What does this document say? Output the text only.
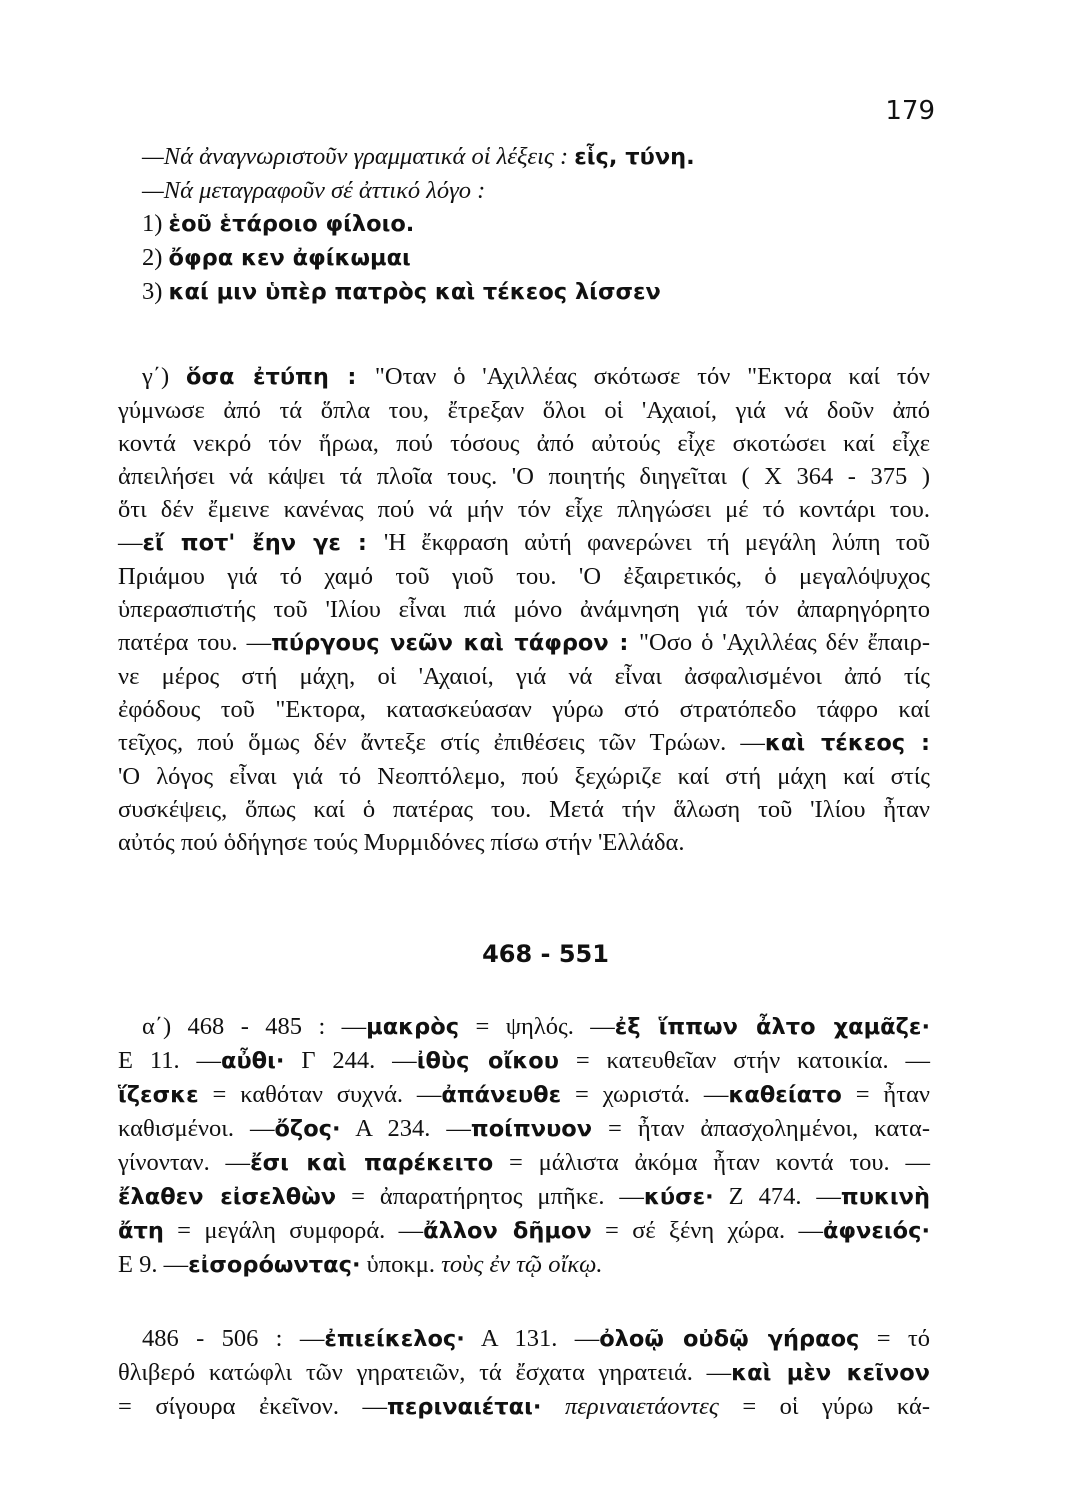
179

—Νά ἀναγνωριστοῦν γραμματικά οἱ λέξεις : εἷς, τύνη.

—Νά μεταγραφοῦν σέ ἀττικό λόγο :

1) ἑοῦ ἑτάροιο φίλοιο.

2) ὄφρα κεν ἀφίκωμαι

3) καί μιν ὑπὲρ πατρὸς καὶ τέκεος λίσσεν

γ΄) ὅσα ἐτύπη : "Οταν ὁ 'Αχιλλέας σκότωσε τόν "Εκτορα καί τόν
γύμνωσε ἀπό τά ὅπλα του, ἔτρεξαν ὅλοι οἱ 'Αχαιοί, γιά νά δοῦν ἀπό
κοντά νεκρό τόν ἥρωα, πού τόσους ἀπό αὐτούς εἶχε σκοτώσει καί εἶχε
ἀπειλήσει νά κάψει τά πλοῖα τους. 'Ο ποιητής διηγεῖται ( Χ 364 - 375 )
ὅτι δέν ἔμεινε κανένας πού νά μήν τόν εἶχε πληγώσει μέ τό κοντάρι του.
—εἴ ποτ' ἔην γε : 'Η ἔκφραση αὐτή φανερώνει τή μεγάλη λύπη τοῦ
Πριάμου γιά τό χαμό τοῦ γιοῦ του. 'Ο ἐξαιρετικός, ὁ μεγαλόψυχος
ὑπερασπιστής τοῦ 'Ιλίου εἶναι πιά μόνο ἀνάμνηση γιά τόν ἀπαρηγόρητο
πατέρα του. —πύργους νεῶν καὶ τάφρον : "Οσο ὁ 'Αχιλλέας δέν ἔπαιρ-
νε μέρος στή μάχη, οἱ 'Αχαιοί, γιά νά εἶναι ἀσφαλισμένοι ἀπό τίς
ἐφόδους τοῦ "Εκτορα, κατασκεύασαν γύρω στό στρατόπεδο τάφρο καί
τεῖχος, πού ὅμως δέν ἄντεξε στίς ἐπιθέσεις τῶν Τρώων. —καὶ τέκεος :
'Ο λόγος εἶναι γιά τό Νεοπτόλεμο, πού ξεχώριζε καί στή μάχη καί στίς
συσκέψεις, ὅπως καί ὁ πατέρας του. Μετά τήν ἅλωση τοῦ 'Ιλίου ἦταν
αὐτός πού ὁδήγησε τούς Μυρμιδόνες πίσω στήν 'Ελλάδα.
468 - 551
α΄) 468 - 485 : —μακρὸς = ψηλός. —ἐξ ἵππων ἆλτο χαμᾶζε·
Ε 11. —αὖθι· Γ 244. —ἰθὺς οἴκου = κατευθεῖαν στήν κατοικία. —
ἵζεσκε = καθόταν συχνά. —ἀπάνευθε = χωριστά. —καθείατο = ἦταν
καθισμένοι. —ὄζος· Α 234. —ποίπνυον = ἦταν ἀπασχολημένοι, κατα-
γίνονταν. —ἔσι καὶ παρέκειτο = μάλιστα ἀκόμα ἦταν κοντά του. —
ἔλαθεν εἰσελθὼν = ἀπαρατήρητος μπῆκε. —κύσε· Ζ 474. —πυκινὴ
ἄτη = μεγάλη συμφορά. —ἄλλον δῆμον = σέ ξένη χώρα. —ἀφνειός·
Ε 9. —εἰσορόωντας· ὑποκμ. τοὺς ἐν τῷ οἴκῳ.
486 - 506 : —ἐπιείκελος· Α 131. —ὀλοῷ οὐδῷ γήραος = τό
θλιβερό κατώφλι τῶν γηρατειῶν, τά ἔσχατα γηρατειά. —καὶ μὲν κεῖνον
= σίγουρα ἐκεῖνον. —περιναιέται· περιναιετάοντες = οἱ γύρω κά-
